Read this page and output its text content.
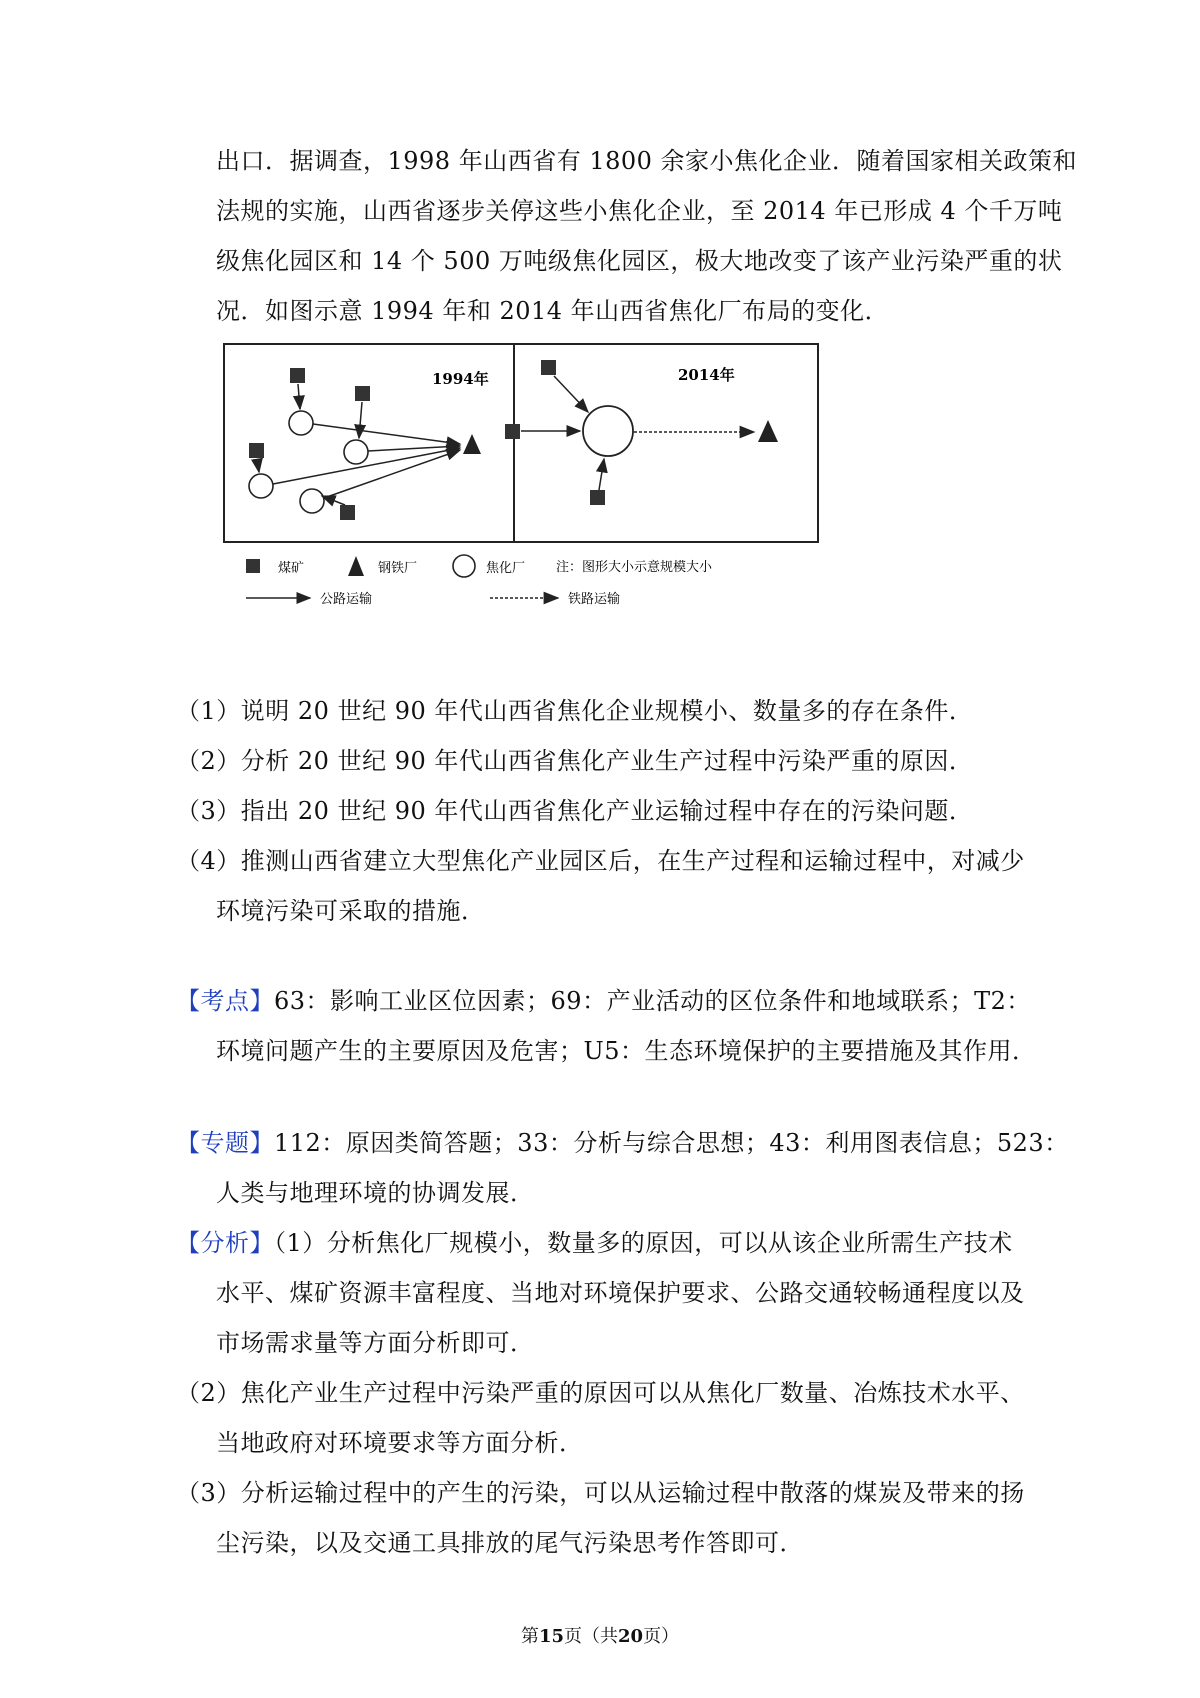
出口．据调查，1998 年山西省有 1800 余家小焦化企业．随着国家相关政策和
法规的实施，山西省逐步关停这些小焦化企业，至 2014 年已形成 4 个千万吨
级焦化园区和 14 个 500 万吨级焦化园区，极大地改变了该产业污染严重的状
况．如图示意 1994 年和 2014 年山西省焦化厂布局的变化．
1994年	2014年
煤矿	钢铁厂	焦化厂 注：图形大小示意规模大小
公路运输	铁路运输
（1）说明 20 世纪 90 年代山西省焦化企业规模小、数量多的存在条件．
（2）分析 20 世纪 90 年代山西省焦化产业生产过程中污染严重的原因．
（3）指出 20 世纪 90 年代山西省焦化产业运输过程中存在的污染问题．
（4）推测山西省建立大型焦化产业园区后，在生产过程和运输过程中，对减少
环境污染可采取的措施．
【考点】63：影响工业区位因素；69：产业活动的区位条件和地域联系；T2：
环境问题产生的主要原因及危害；U5：生态环境保护的主要措施及其作用．
【专题】112：原因类简答题；33：分析与综合思想；43：利用图表信息；523：
人类与地理环境的协调发展．
【分析】（1）分析焦化厂规模小，数量多的原因，可以从该企业所需生产技术
水平、煤矿资源丰富程度、当地对环境保护要求、公路交通较畅通程度以及
市场需求量等方面分析即可．
（2）焦化产业生产过程中污染严重的原因可以从焦化厂数量、冶炼技术水平、
当地政府对环境要求等方面分析．
（3）分析运输过程中的产生的污染，可以从运输过程中散落的煤炭及带来的扬
尘污染，以及交通工具排放的尾气污染思考作答即可．
第15页（共20页）
